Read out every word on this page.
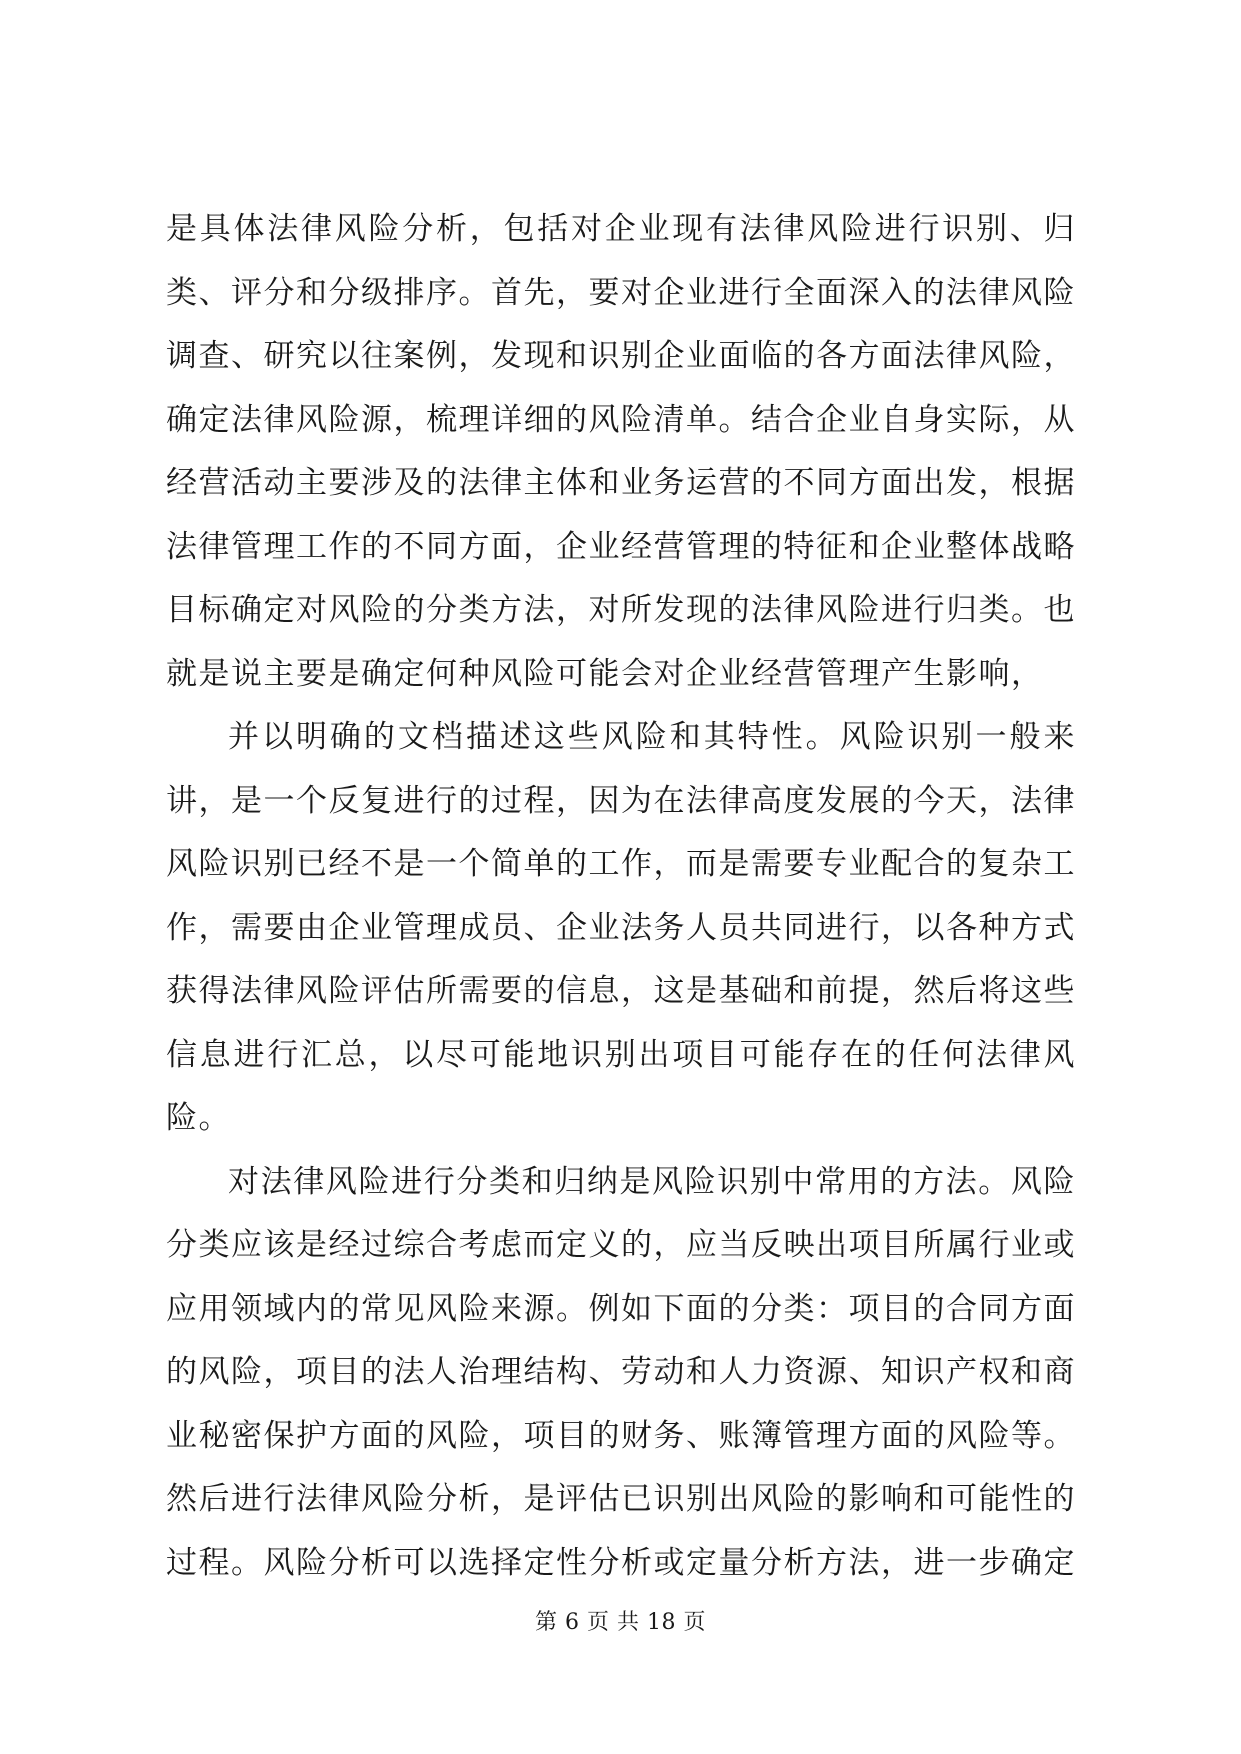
是具体法律风险分析，包括对企业现有法律风险进行识别、归类、评分和分级排序。首先，要对企业进行全面深入的法律风险调查、研究以往案例，发现和识别企业面临的各方面法律风险，确定法律风险源，梳理详细的风险清单。结合企业自身实际，从经营活动主要涉及的法律主体和业务运营的不同方面出发，根据法律管理工作的不同方面，企业经营管理的特征和企业整体战略目标确定对风险的分类方法，对所发现的法律风险进行归类。也就是说主要是确定何种风险可能会对企业经营管理产生影响，

并以明确的文档描述这些风险和其特性。风险识别一般来讲，是一个反复进行的过程，因为在法律高度发展的今天，法律风险识别已经不是一个简单的工作，而是需要专业配合的复杂工作，需要由企业管理成员、企业法务人员共同进行，以各种方式获得法律风险评估所需要的信息，这是基础和前提，然后将这些信息进行汇总，以尽可能地识别出项目可能存在的任何法律风险。

对法律风险进行分类和归纳是风险识别中常用的方法。风险分类应该是经过综合考虑而定义的，应当反映出项目所属行业或应用领域内的常见风险来源。例如下面的分类：项目的合同方面的风险，项目的法人治理结构、劳动和人力资源、知识产权和商业秘密保护方面的风险，项目的财务、账簿管理方面的风险等。然后进行法律风险分析，是评估已识别出风险的影响和可能性的过程。风险分析可以选择定性分析或定量分析方法，进一步确定

第 6 页 共 18 页
